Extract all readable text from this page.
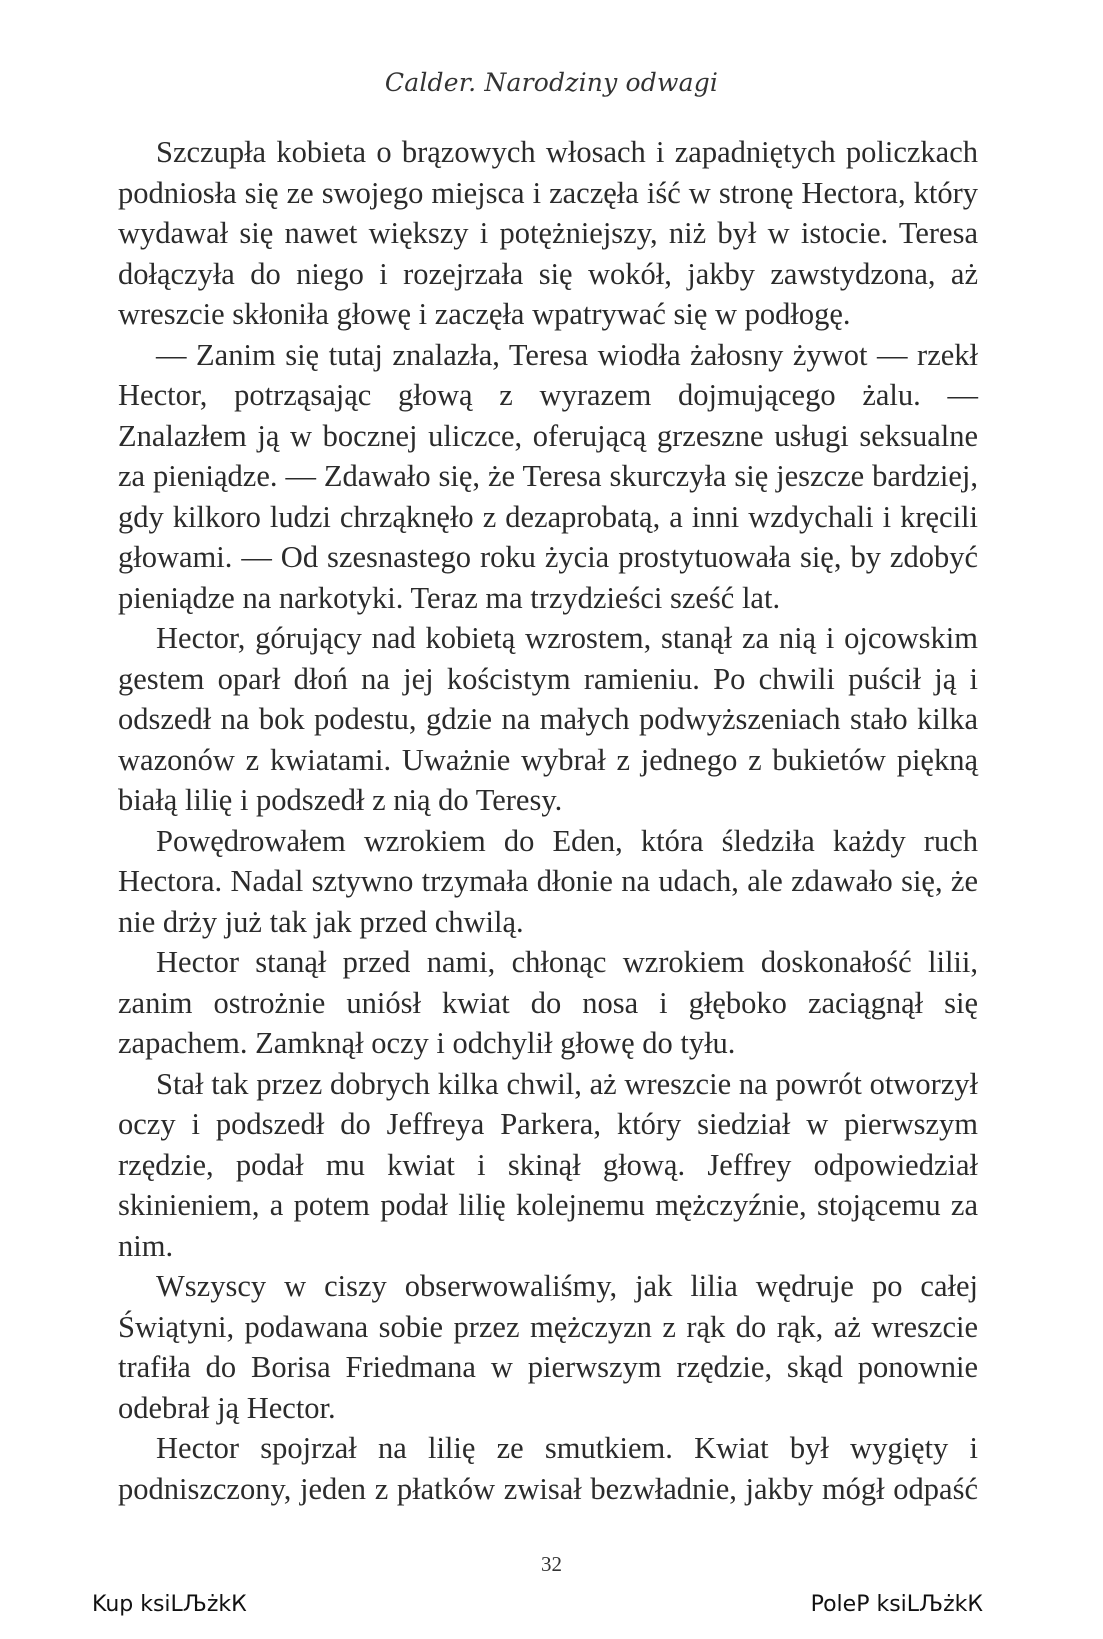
Calder. Narodziny odwagi

Szczupła kobieta o brązowych włosach i zapadniętych policzkach podniosła się ze swojego miejsca i zaczęła iść w stronę Hectora, który wydawał się nawet większy i potężniejszy, niż był w istocie. Teresa dołączyła do niego i rozejrzała się wokół, jakby zawstydzona, aż wreszcie skłoniła głowę i zaczęła wpatrywać się w podłogę.

— Zanim się tutaj znalazła, Teresa wiodła żałosny żywot — rzekł Hector, potrząsając głową z wyrazem dojmującego żalu. — Znalazłem ją w bocznej uliczce, oferującą grzeszne usługi seksualne za pieniądze. — Zdawało się, że Teresa skurczyła się jeszcze bardziej, gdy kilkoro ludzi chrząknęło z dezaprobatą, a inni wzdychali i kręcili głowami. — Od szesnastego roku życia prostytuowała się, by zdobyć pieniądze na narkotyki. Teraz ma trzydzieści sześć lat.

Hector, górujący nad kobietą wzrostem, stanął za nią i ojcowskim gestem oparł dłoń na jej kościstym ramieniu. Po chwili puścił ją i odszedł na bok podestu, gdzie na małych podwyższeniach stało kilka wazonów z kwiatami. Uważnie wybrał z jednego z bukietów piękną białą lilię i podszedł z nią do Teresy.

Powędrowałem wzrokiem do Eden, która śledziła każdy ruch Hectora. Nadal sztywno trzymała dłonie na udach, ale zdawało się, że nie drży już tak jak przed chwilą.

Hector stanął przed nami, chłonąc wzrokiem doskonałość lilii, zanim ostrożnie uniósł kwiat do nosa i głęboko zaciągnął się zapachem. Zamknął oczy i odchylił głowę do tyłu.

Stał tak przez dobrych kilka chwil, aż wreszcie na powrót otworzył oczy i podszedł do Jeffreya Parkera, który siedział w pierwszym rzędzie, podał mu kwiat i skinął głową. Jeffrey odpowiedział skinieniem, a potem podał lilię kolejnemu mężczyźnie, stojącemu za nim.

Wszyscy w ciszy obserwowaliśmy, jak lilia wędruje po całej Świątyni, podawana sobie przez mężczyzn z rąk do rąk, aż wreszcie trafiła do Borisa Friedmana w pierwszym rzędzie, skąd ponownie odebrał ją Hector.

Hector spojrzał na lilię ze smutkiem. Kwiat był wygięty i podniszczony, jeden z płatków zwisał bezwładnie, jakby mógł odpaść

32
Kup ksiLЉżkК	PoleР ksiLЉżkК
